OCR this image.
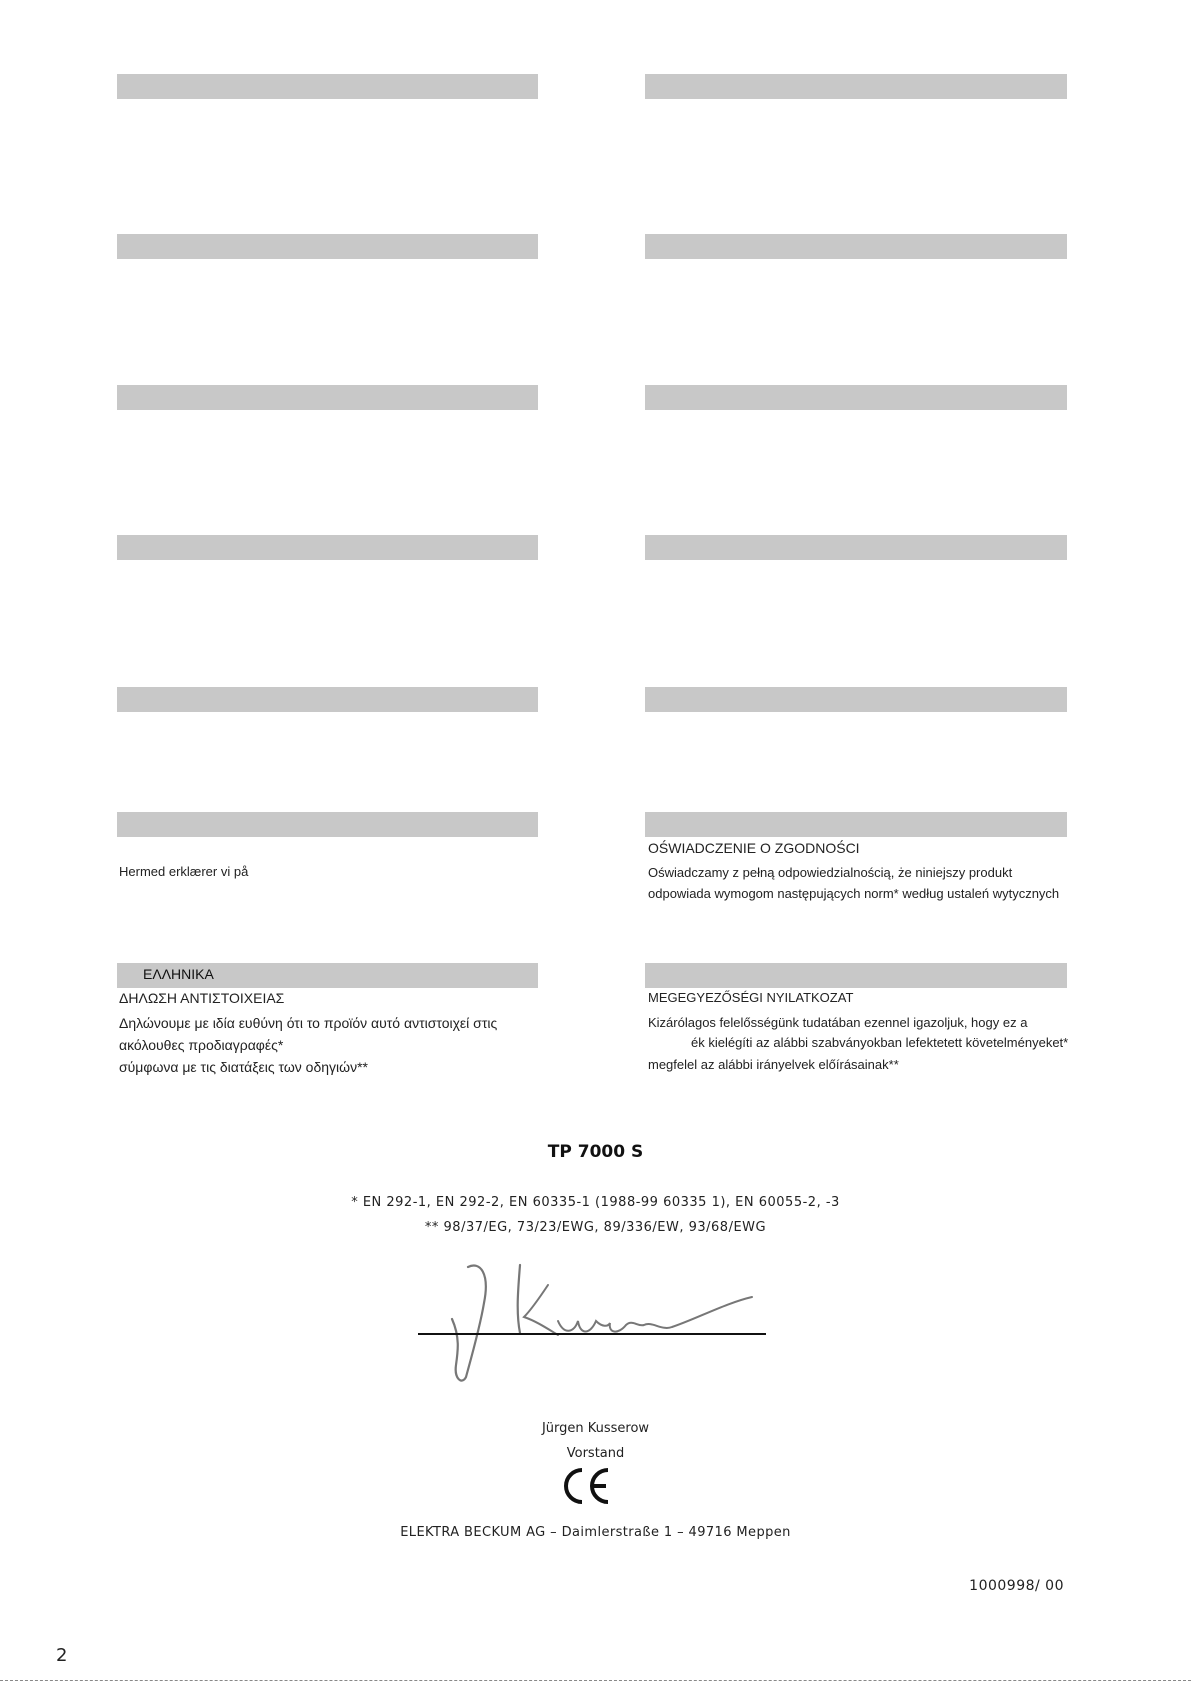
ΕΛΛΗΝΙΚΑ
Hermed erklærer vi på
OŚWIADCZENIE O ZGODNOŚCI
Oświadczamy z pełną odpowiedzialnością, że niniejszy produkt
odpowiada wymogom następujących norm* według ustaleń wytycznych
ΔΗΛΩΣΗ ΑΝΤΙΣΤΟΙΧΕΙΑΣ
Δηλώνουμε με ιδία ευθύνη ότι το προϊόν αυτό αντιστοιχεί στις
ακόλουθες προδιαγραφές*
σύμφωνα με τις διατάξεις των οδηγιών**
MEGEGYEZŐSÉGI NYILATKOZAT
Kizárólagos felelősségünk tudatában ezennel igazoljuk, hogy ez a
ék kielégíti az alábbi szabványokban lefektetett követelményeket*
megfelel az alábbi irányelvek előírásainak**
TP 7000 S
* EN 292-1, EN 292-2, EN 60335-1 (1988-99 60335 1), EN 60055-2, -3
** 98/37/EG, 73/23/EWG, 89/336/EW, 93/68/EWG
Jürgen Kusserow
Vorstand
ELEKTRA BECKUM AG – Daimlerstraße 1 – 49716 Meppen
1000998/ 00
2
